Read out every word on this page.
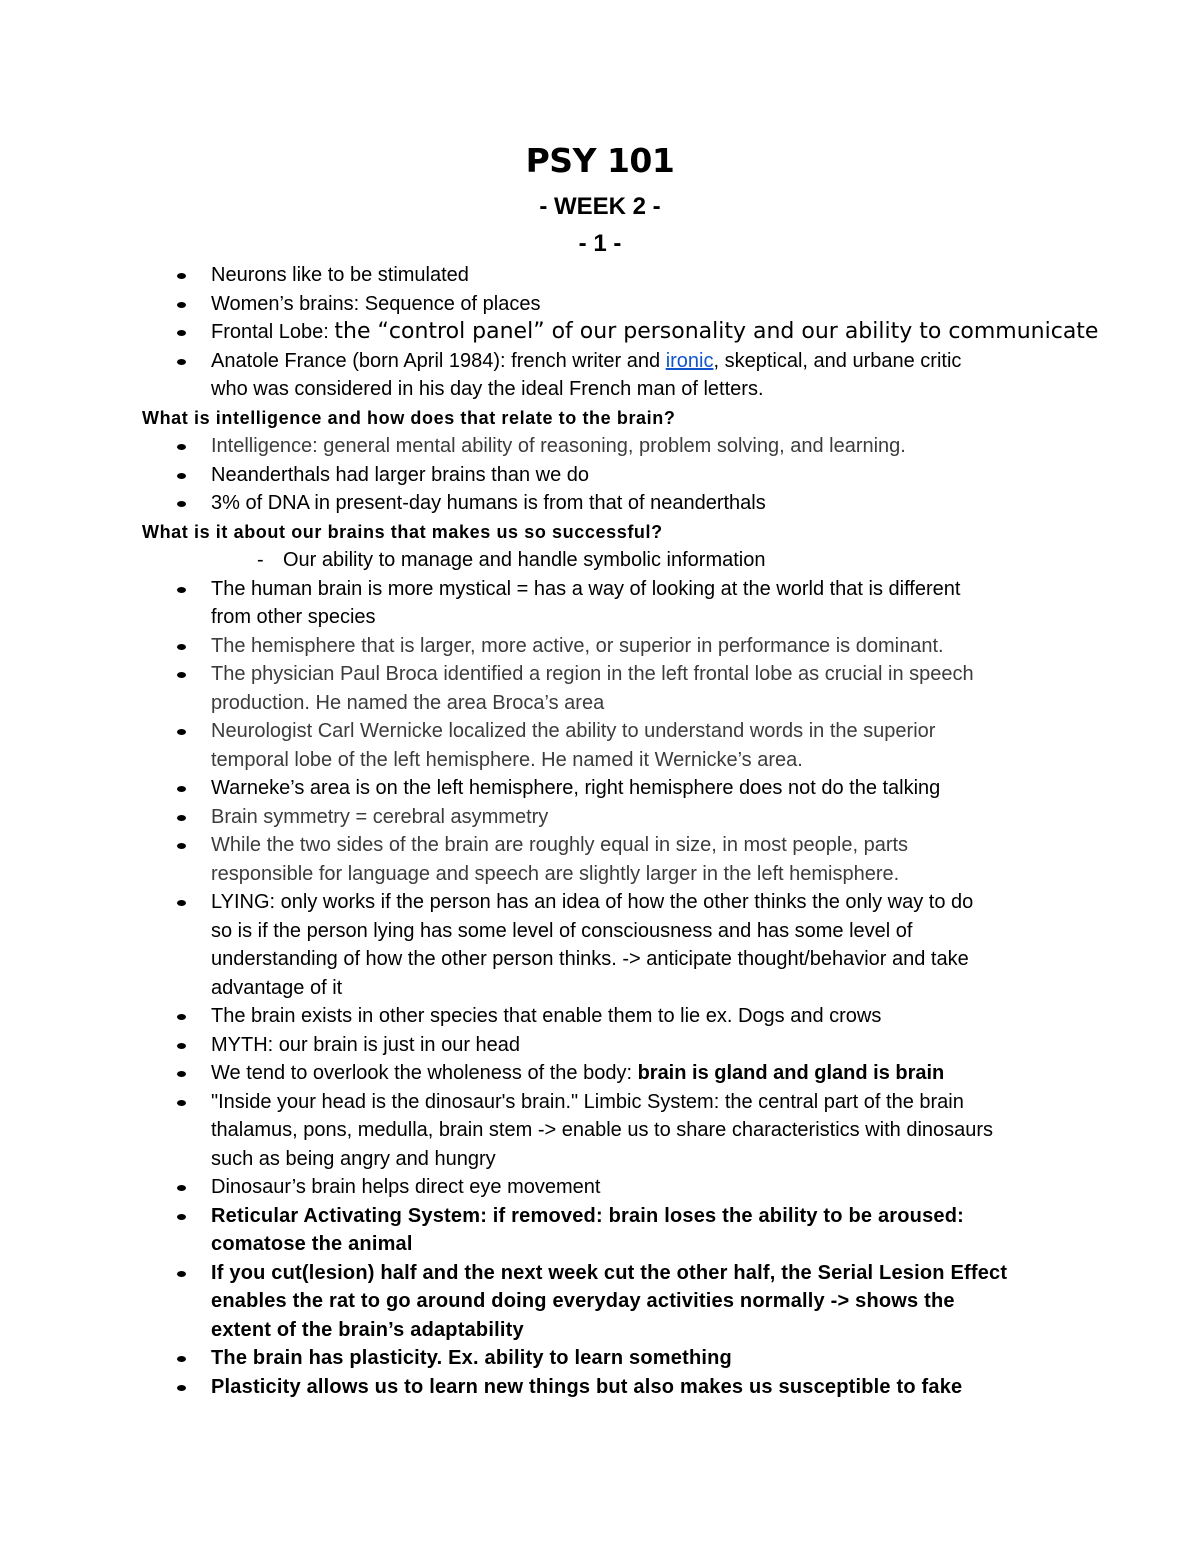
PSY 101
- WEEK 2 -
- 1 -
Neurons like to be stimulated
Women’s brains: Sequence of places
Frontal Lobe: the “control panel” of our personality and our ability to communicate
Anatole France (born April 1984): french writer and ironic, skeptical, and urbane critic
who was considered in his day the ideal French man of letters.
What is intelligence and how does that relate to the brain?
Intelligence: general mental ability of reasoning, problem solving, and learning.
Neanderthals had larger brains than we do
3% of DNA in present-day humans is from that of neanderthals
What is it about our brains that makes us so successful?
- Our ability to manage and handle symbolic information
The human brain is more mystical = has a way of looking at the world that is different
from other species
The hemisphere that is larger, more active, or superior in performance is dominant.
The physician Paul Broca identified a region in the left frontal lobe as crucial in speech
production. He named the area Broca’s area
Neurologist Carl Wernicke localized the ability to understand words in the superior
temporal lobe of the left hemisphere. He named it Wernicke’s area.
Warneke’s area is on the left hemisphere, right hemisphere does not do the talking
Brain symmetry = cerebral asymmetry
While the two sides of the brain are roughly equal in size, in most people, parts
responsible for language and speech are slightly larger in the left hemisphere.
LYING: only works if the person has an idea of how the other thinks the only way to do
so is if the person lying has some level of consciousness and has some level of
understanding of how the other person thinks. -> anticipate thought/behavior and take
advantage of it
The brain exists in other species that enable them to lie ex. Dogs and crows
MYTH: our brain is just in our head
We tend to overlook the wholeness of the body: brain is gland and gland is brain
"Inside your head is the dinosaur's brain." Limbic System: the central part of the brain
thalamus, pons, medulla, brain stem -> enable us to share characteristics with dinosaurs
such as being angry and hungry
Dinosaur’s brain helps direct eye movement
Reticular Activating System: if removed: brain loses the ability to be aroused:
comatose the animal
If you cut(lesion) half and the next week cut the other half, the Serial Lesion Effect
enables the rat to go around doing everyday activities normally -> shows the
extent of the brain’s adaptability
The brain has plasticity. Ex. ability to learn something
Plasticity allows us to learn new things but also makes us susceptible to fake
